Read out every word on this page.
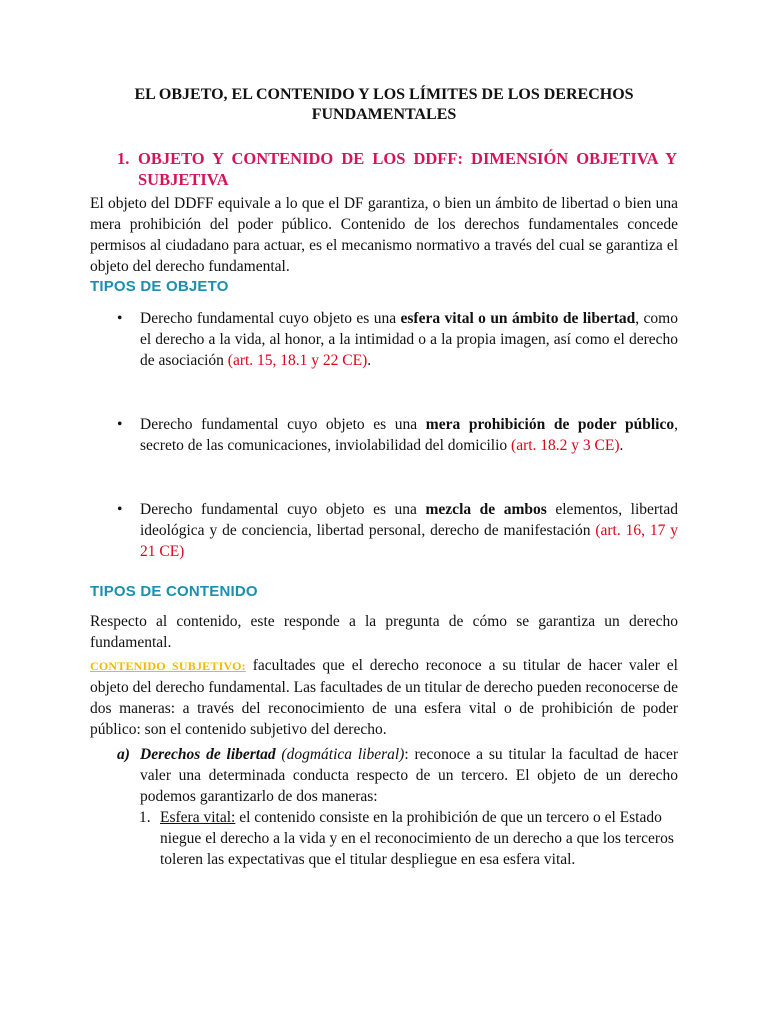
EL OBJETO, EL CONTENIDO Y LOS LÍMITES DE LOS DERECHOS FUNDAMENTALES
1. OBJETO Y CONTENIDO DE LOS DDFF: DIMENSIÓN OBJETIVA Y SUBJETIVA
El objeto del DDFF equivale a lo que el DF garantiza, o bien un ámbito de libertad o bien una mera prohibición del poder público. Contenido de los derechos fundamentales concede permisos al ciudadano para actuar, es el mecanismo normativo a través del cual se garantiza el objeto del derecho fundamental.
TIPOS DE OBJETO
• Derecho fundamental cuyo objeto es una esfera vital o un ámbito de libertad, como el derecho a la vida, al honor, a la intimidad o a la propia imagen, así como el derecho de asociación (art. 15, 18.1 y 22 CE).
• Derecho fundamental cuyo objeto es una mera prohibición de poder público, secreto de las comunicaciones, inviolabilidad del domicilio (art. 18.2 y 3 CE).
• Derecho fundamental cuyo objeto es una mezcla de ambos elementos, libertad ideológica y de conciencia, libertad personal, derecho de manifestación (art. 16, 17 y 21 CE)
TIPOS DE CONTENIDO
Respecto al contenido, este responde a la pregunta de cómo se garantiza un derecho fundamental.
CONTENIDO SUBJETIVO: facultades que el derecho reconoce a su titular de hacer valer el objeto del derecho fundamental. Las facultades de un titular de derecho pueden reconocerse de dos maneras: a través del reconocimiento de una esfera vital o de prohibición de poder público: son el contenido subjetivo del derecho.
a) Derechos de libertad (dogmática liberal): reconoce a su titular la facultad de hacer valer una determinada conducta respecto de un tercero. El objeto de un derecho podemos garantizarlo de dos maneras:
1. Esfera vital: el contenido consiste en la prohibición de que un tercero o el Estado niegue el derecho a la vida y en el reconocimiento de un derecho a que los terceros toleren las expectativas que el titular despliegue en esa esfera vital.
